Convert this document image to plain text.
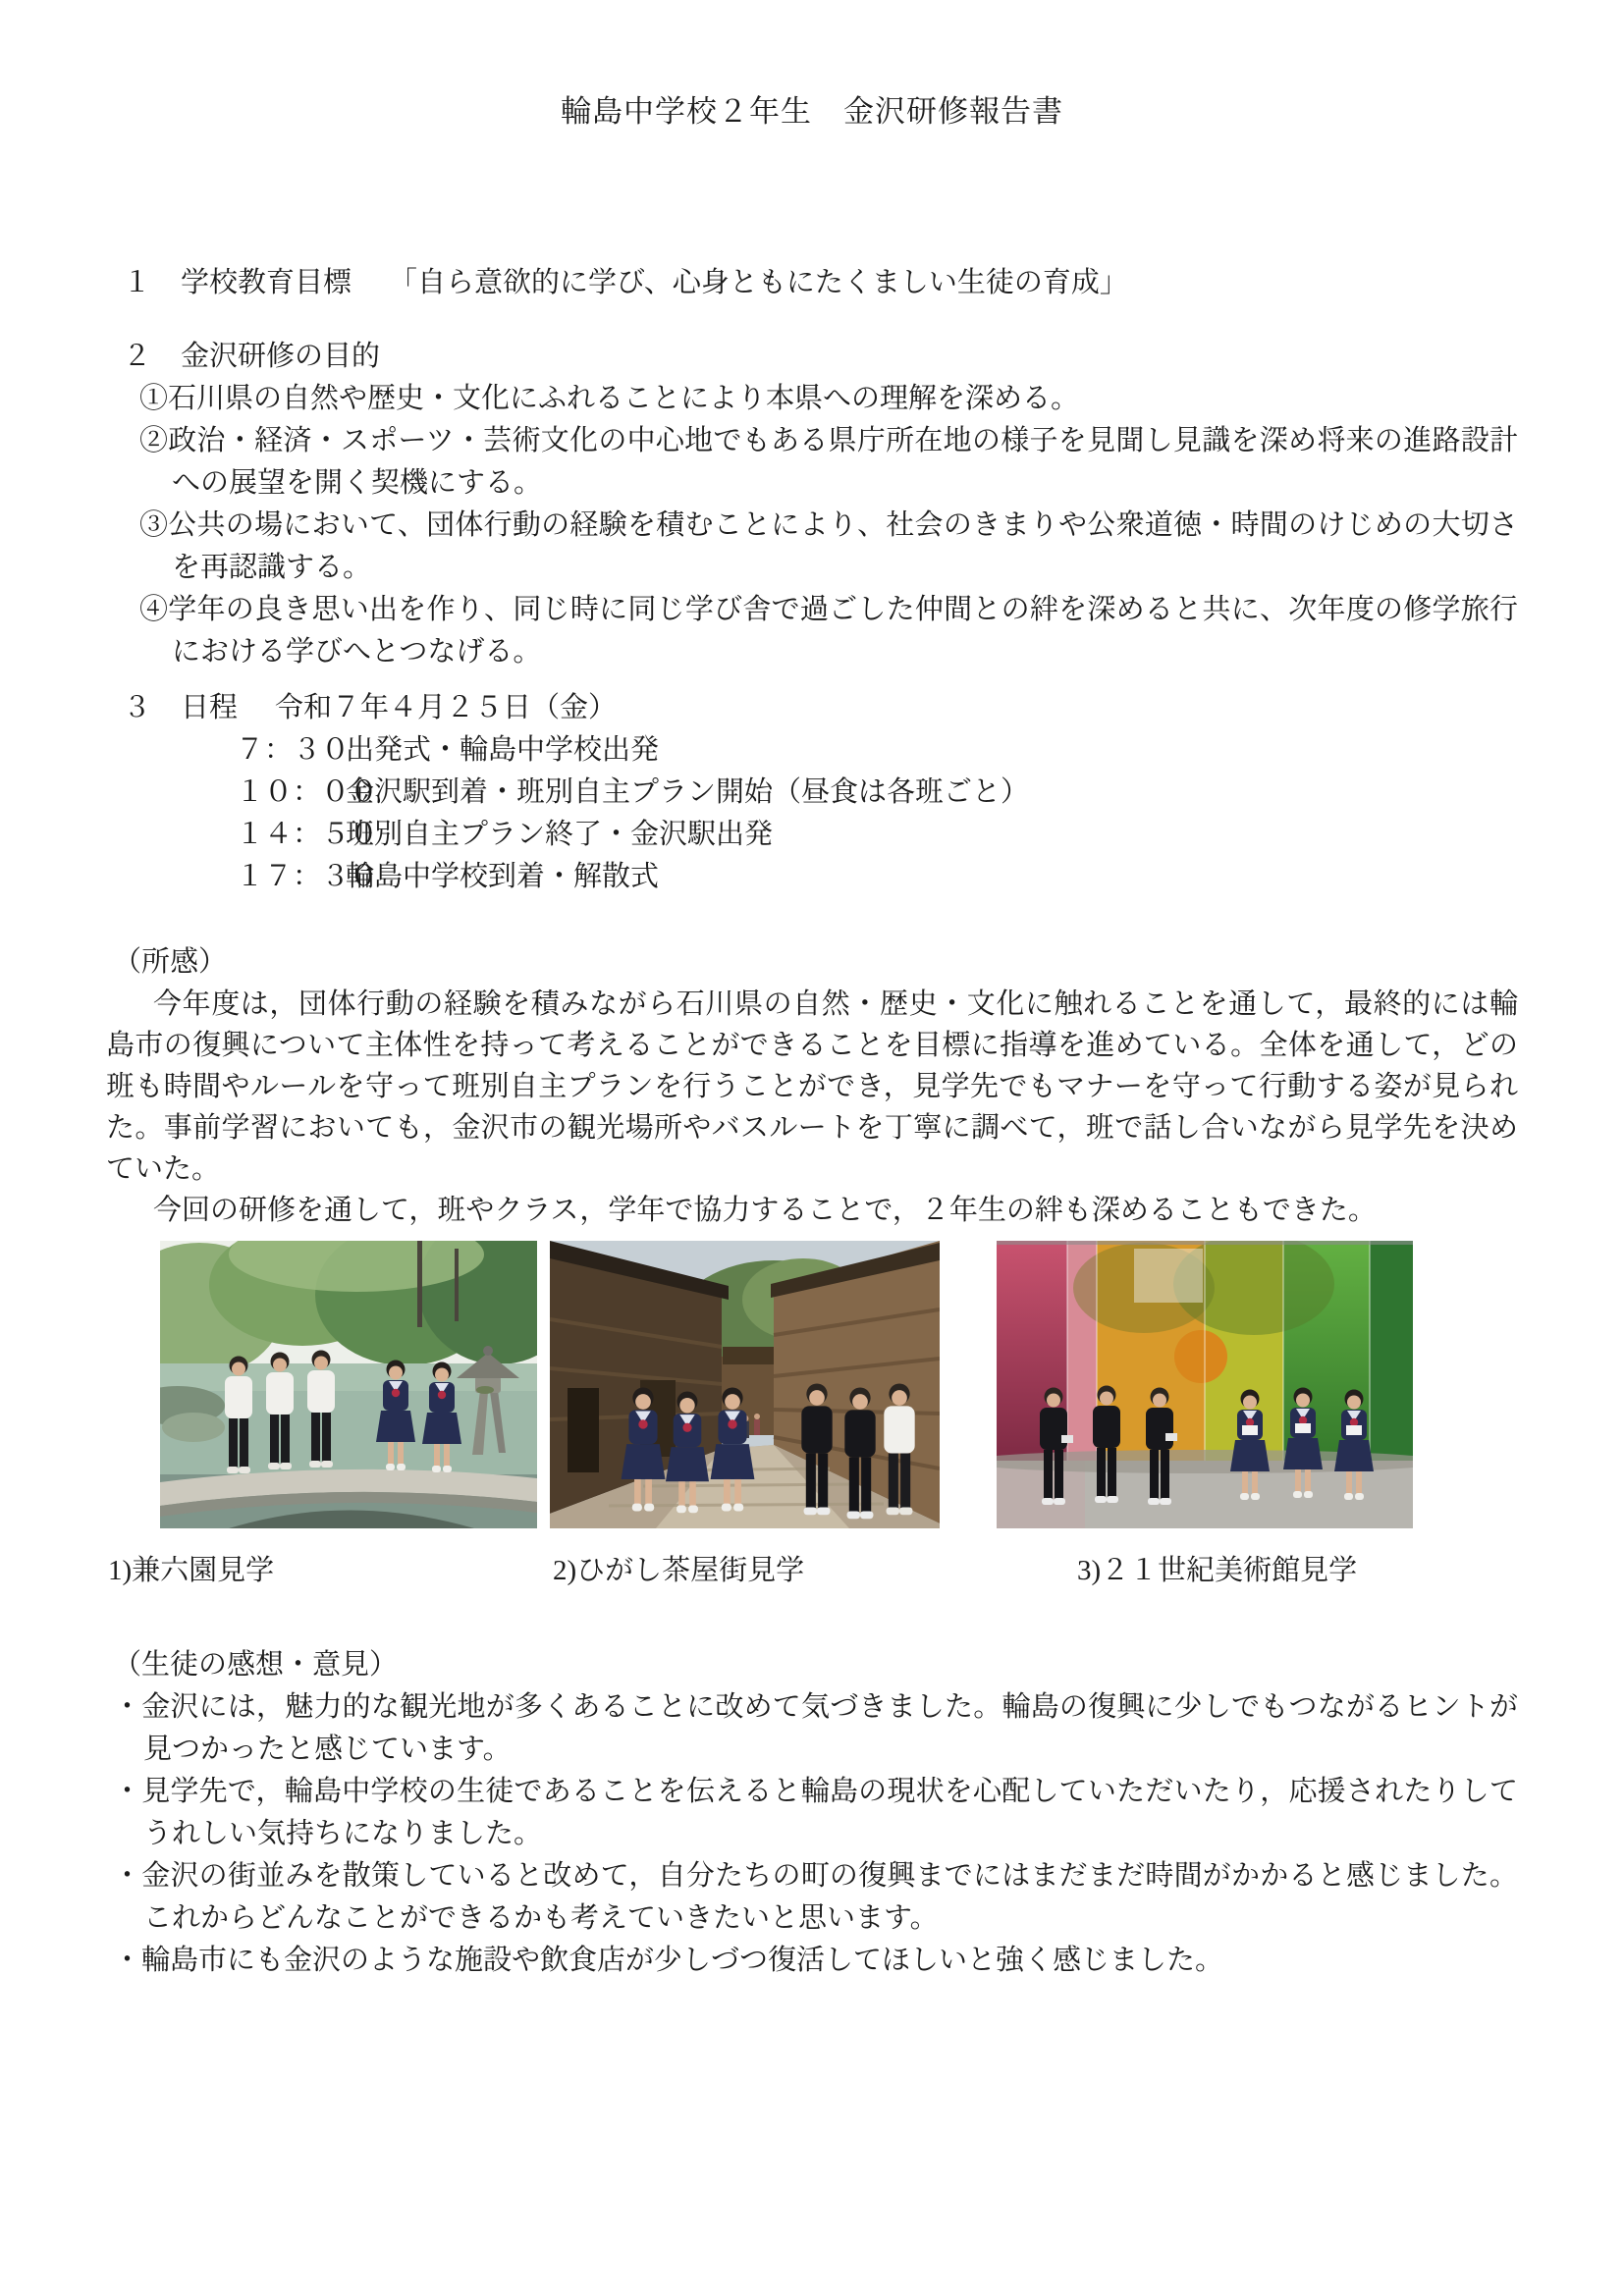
輪島中学校２年生　金沢研修報告書
１ 学校教育目標 「自ら意欲的に学び、心身ともにたくましい生徒の育成」
２ 金沢研修の目的
①石川県の自然や歴史・文化にふれることにより本県への理解を深める。
②政治・経済・スポーツ・芸術文化の中心地でもある県庁所在地の様子を見聞し見識を深め将来の進路設計への展望を開く契機にする。
③公共の場において、団体行動の経験を積むことにより、社会のきまりや公衆道徳・時間のけじめの大切さを再認識する。
④学年の良き思い出を作り、同じ時に同じ学び舎で過ごした仲間との絆を深めると共に、次年度の修学旅行における学びへとつなげる。
３ 日程 令和７年４月２５日（金）
７：３０
出発式・輪島中学校出発
１０：００
金沢駅到着・班別自主プラン開始（昼食は各班ごと）
１４：５０
班別自主プラン終了・金沢駅出発
１７：３０
輪島中学校到着・解散式
（所感）

今年度は，団体行動の経験を積みながら石川県の自然・歴史・文化に触れることを通して，最終的には輪島市の復興について主体性を持って考えることができることを目標に指導を進めている。全体を通して，どの班も時間やルールを守って班別自主プランを行うことができ，見学先でもマナーを守って行動する姿が見られた。事前学習においても，金沢市の観光場所やバスルートを丁寧に調べて，班で話し合いながら見学先を決めていた。

今回の研修を通して，班やクラス，学年で協力することで，２年生の絆も深めることもできた。

1)兼六園見学	2)ひがし茶屋街見学	3)２１世紀美術館見学
（生徒の感想・意見）
・金沢には，魅力的な観光地が多くあることに改めて気づきました。輪島の復興に少しでもつながるヒントが見つかったと感じています。
・見学先で，輪島中学校の生徒であることを伝えると輪島の現状を心配していただいたり，応援されたりしてうれしい気持ちになりました。
・金沢の街並みを散策していると改めて，自分たちの町の復興までにはまだまだ時間がかかると感じました。これからどんなことができるかも考えていきたいと思います。
・輪島市にも金沢のような施設や飲食店が少しづつ復活してほしいと強く感じました。
